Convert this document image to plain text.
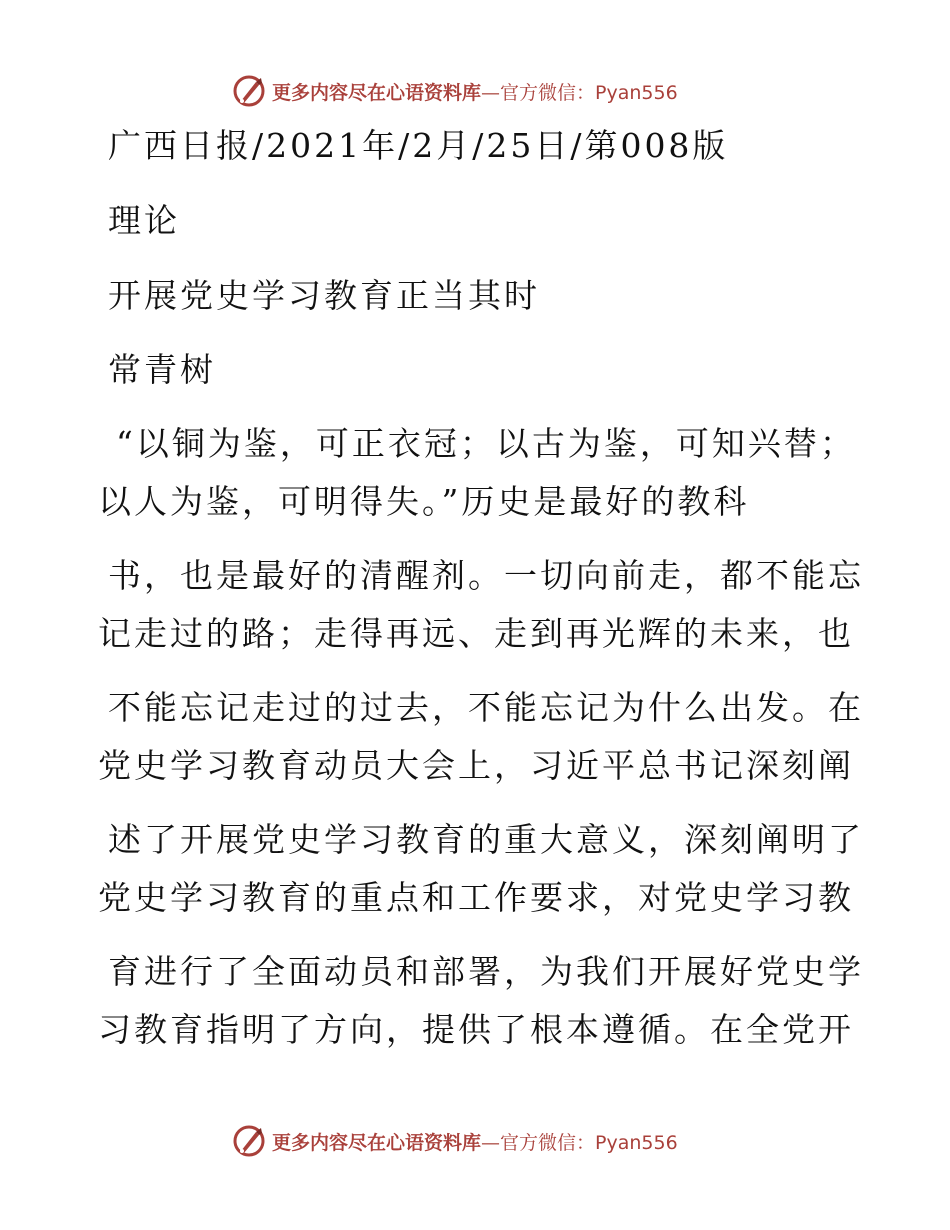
更多内容尽在心语资料库—官方微信：Pyan556

广西日报/2021年/2月/25日/第008版

理论

开展党史学习教育正当其时

常青树

“以铜为鉴，可正衣冠；以古为鉴，可知兴替；

以人为鉴，可明得失。”历史是最好的教科

书，也是最好的清醒剂。一切向前走，都不能忘

记走过的路；走得再远、走到再光辉的未来，也

不能忘记走过的过去，不能忘记为什么出发。在

党史学习教育动员大会上，习近平总书记深刻阐

述了开展党史学习教育的重大意义，深刻阐明了

党史学习教育的重点和工作要求，对党史学习教

育进行了全面动员和部署，为我们开展好党史学

习教育指明了方向，提供了根本遵循。在全党开

更多内容尽在心语资料库—官方微信：Pyan556
